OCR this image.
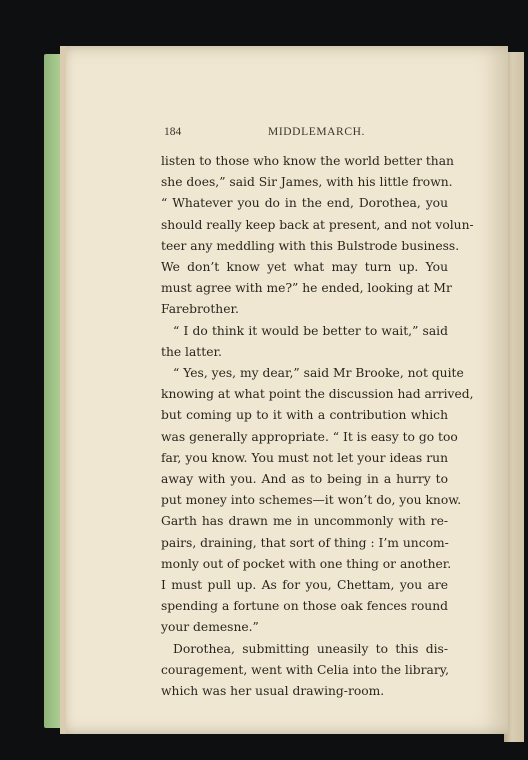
184	MIDDLEMARCH.
listen to those who know the world better than
she does,” said Sir James, with his little frown.
“ Whatever you do in the end, Dorothea, you
should really keep back at present, and not volun-
teer any meddling with this Bulstrode business.
We don’t know yet what may turn up. You
must agree with me?” he ended, looking at Mr
Farebrother.
“ I do think it would be better to wait,” said
the latter.
“ Yes, yes, my dear,” said Mr Brooke, not quite
knowing at what point the discussion had arrived,
but coming up to it with a contribution which
was generally appropriate. “ It is easy to go too
far, you know. You must not let your ideas run
away with you. And as to being in a hurry to
put money into schemes—it won’t do, you know.
Garth has drawn me in uncommonly with re-
pairs, draining, that sort of thing : I’m uncom-
monly out of pocket with one thing or another.
I must pull up. As for you, Chettam, you are
spending a fortune on those oak fences round
your demesne.”
Dorothea, submitting uneasily to this dis-
couragement, went with Celia into the library,
which was her usual drawing-room.
